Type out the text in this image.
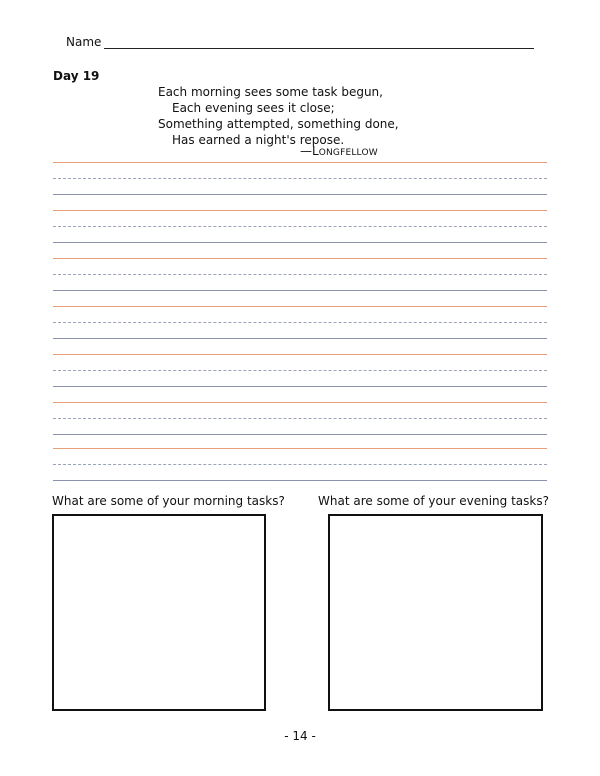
Name
Day 19
Each morning sees some task begun,
Each evening sees it close;
Something attempted, something done,
Has earned a night's repose.
—LONGFELLOW
What are some of your morning tasks?	What are some of your evening tasks?
- 14 -
